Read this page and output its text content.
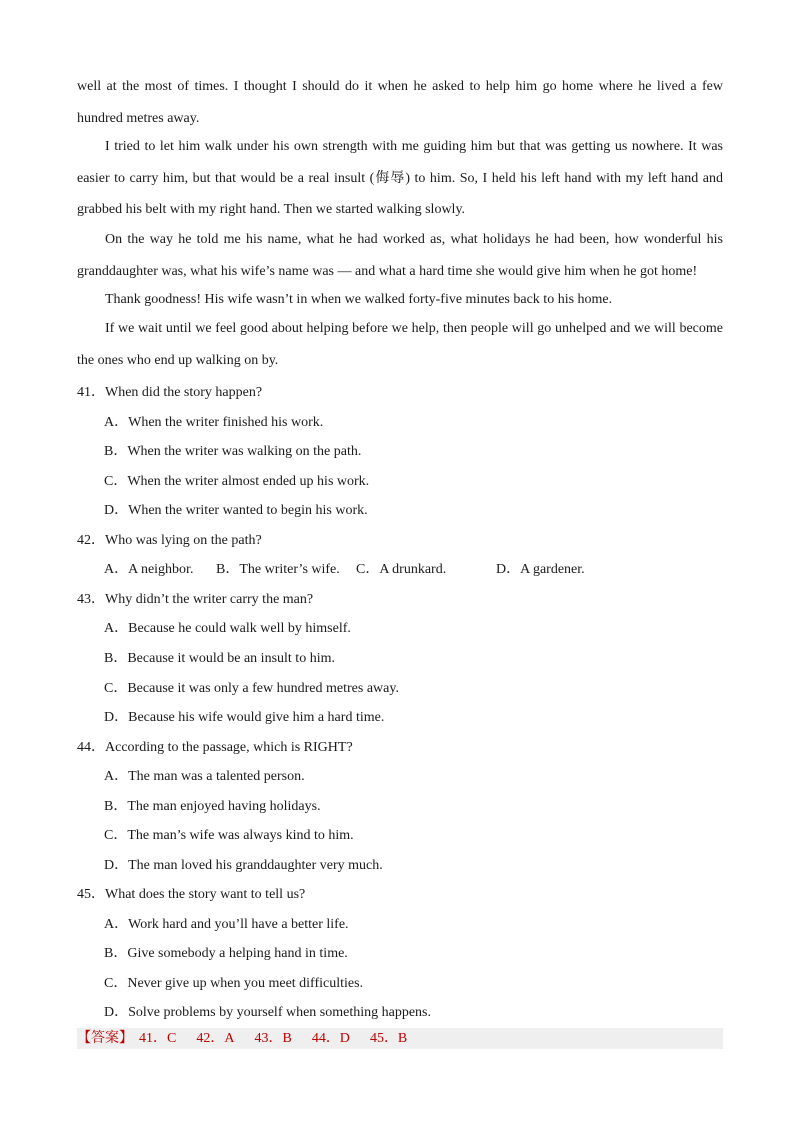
well at the most of times. I thought I should do it when he asked to help him go home where he lived a few hundred metres away.
I tried to let him walk under his own strength with me guiding him but that was getting us nowhere. It was easier to carry him, but that would be a real insult (侮辱) to him. So, I held his left hand with my left hand and grabbed his belt with my right hand. Then we started walking slowly.
On the way he told me his name, what he had worked as, what holidays he had been, how wonderful his granddaughter was, what his wife’s name was — and what a hard time she would give him when he got home!
Thank goodness! His wife wasn’t in when we walked forty-five minutes back to his home.
If we wait until we feel good about helping before we help, then people will go unhelped and we will become the ones who end up walking on by.
41．When did the story happen?
A．When the writer finished his work.
B．When the writer was walking on the path.
C．When the writer almost ended up his work.
D．When the writer wanted to begin his work.
42．Who was lying on the path?
A．A neighbor. B．The writer’s wife. C．A drunkard.	D．A gardener.
43．Why didn’t the writer carry the man?
A．Because he could walk well by himself.
B．Because it would be an insult to him.
C．Because it was only a few hundred metres away.
D．Because his wife would give him a hard time.
44．According to the passage, which is RIGHT?
A．The man was a talented person.
B．The man enjoyed having holidays.
C．The man’s wife was always kind to him.
D．The man loved his granddaughter very much.
45．What does the story want to tell us?
A．Work hard and you’ll have a better life.
B．Give somebody a helping hand in time.
C．Never give up when you meet difficulties.
D．Solve problems by yourself when something happens.
【答案】 41．C 42．A 43．B 44．D 45．B
